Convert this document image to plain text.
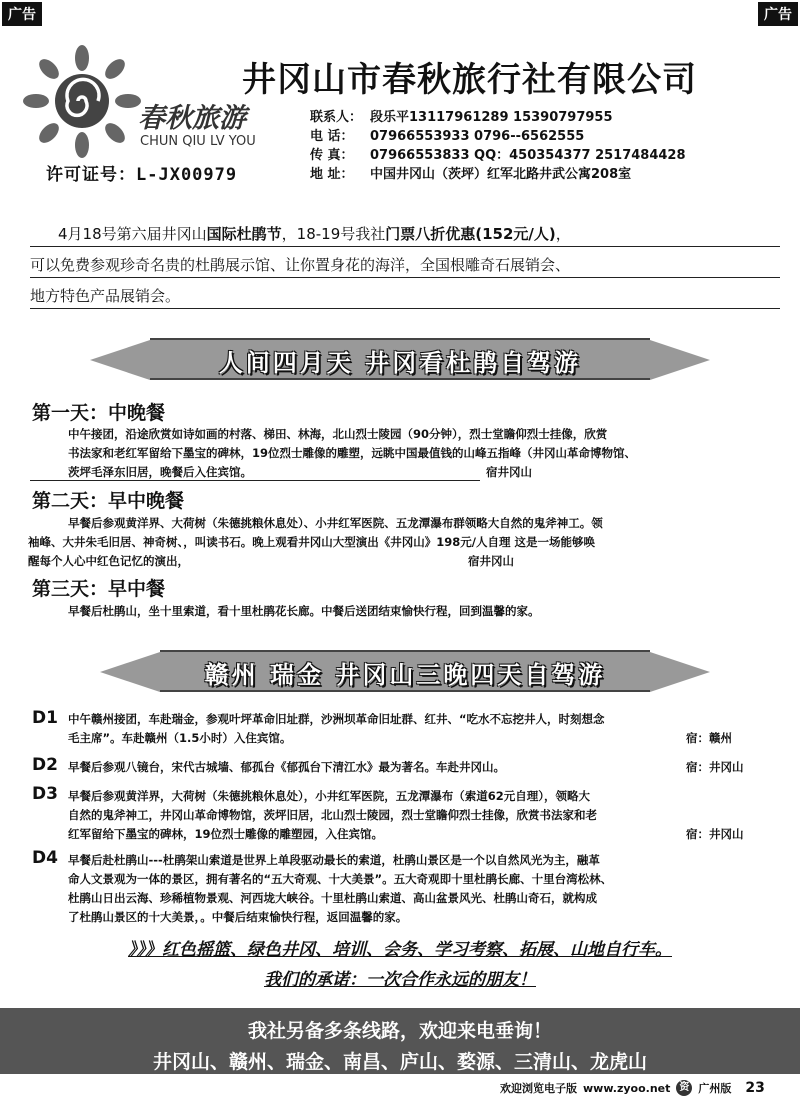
广告	广告
春秋旅游
CHUN QIU LV YOU
许可证号：L-JX00979
井冈山市春秋旅行社有限公司
联系人： 段乐平13117961289 15390797955
电 话： 07966553933 0796--6562555
传 真： 07966553833 QQ：450354377 2517484428
地 址： 中国井冈山（茨坪）红军北路井武公寓208室
4月18号第六届井冈山国际杜鹃节，18-19号我社门票八折优惠(152元/人)，
可以免费参观珍奇名贵的杜鹃展示馆、让你置身花的海洋，全国根雕奇石展销会、
地方特色产品展销会。
人间四月天 井冈看杜鹃自驾游
第一天：中晚餐
中午接团，沿途欣赏如诗如画的村落、梯田、林海，北山烈士陵园（90分钟），烈士堂瞻仰烈士挂像，欣赏
书法家和老红军留给下墨宝的碑林，19位烈士雕像的雕塑，远眺中国最值钱的山峰五指峰（井冈山革命博物馆、
茨坪毛泽东旧居，晚餐后入住宾馆。	宿井冈山
第二天：早中晚餐
早餐后参观黄洋界、大荷树（朱德挑粮休息处）、小井红军医院、五龙潭瀑布群领略大自然的鬼斧神工。领
袖峰、大井朱毛旧居、神奇树、，叫读书石。晚上观看井冈山大型演出《井冈山》198元/人自理 这是一场能够唤
醒每个人心中红色记忆的演出，	宿井冈山
第三天：早中餐
早餐后杜鹃山，坐十里索道，看十里杜鹃花长廊。中餐后送团结束愉快行程，回到温馨的家。
赣州 瑞金 井冈山三晚四天自驾游
D1 中午赣州接团，车赴瑞金，参观叶坪革命旧址群，沙洲坝革命旧址群、红井、“吃水不忘挖井人，时刻想念
毛主席”。车赴赣州（1.5小时）入住宾馆。	宿：赣州
D2 早餐后参观八镜台，宋代古城墙、郁孤台《郁孤台下清江水》最为著名。车赴井冈山。	宿：井冈山
D3 早餐后参观黄洋界，大荷树（朱德挑粮休息处），小井红军医院，五龙潭瀑布（索道62元自理），领略大
自然的鬼斧神工，井冈山革命博物馆，茨坪旧居，北山烈士陵园，烈士堂瞻仰烈士挂像，欣赏书法家和老
红军留给下墨宝的碑林，19位烈士雕像的雕塑园，入住宾馆。	宿：井冈山
D4 早餐后赴杜鹃山---杜鹃架山索道是世界上单段驱动最长的索道，杜鹃山景区是一个以自然风光为主，融革
命人文景观为一体的景区，拥有著名的“五大奇观、十大美景”。五大奇观即十里杜鹃长廊、十里台湾松林、
杜鹃山日出云海、珍稀植物景观、河西垅大峡谷。十里杜鹃山索道、高山盆景风光、杜鹃山奇石，就构成
了杜鹃山景区的十大美景，。中餐后结束愉快行程，返回温馨的家。
》》》红色摇篮、绿色井冈、培训、会务、学习考察、拓展、山地自行车。
我们的承诺：一次合作永远的朋友！
我社另备多条线路，欢迎来电垂询！
井冈山、赣州、瑞金、南昌、庐山、婺源、三清山、龙虎山
欢迎浏览电子版 www.zyoo.net 资 广州版 23
